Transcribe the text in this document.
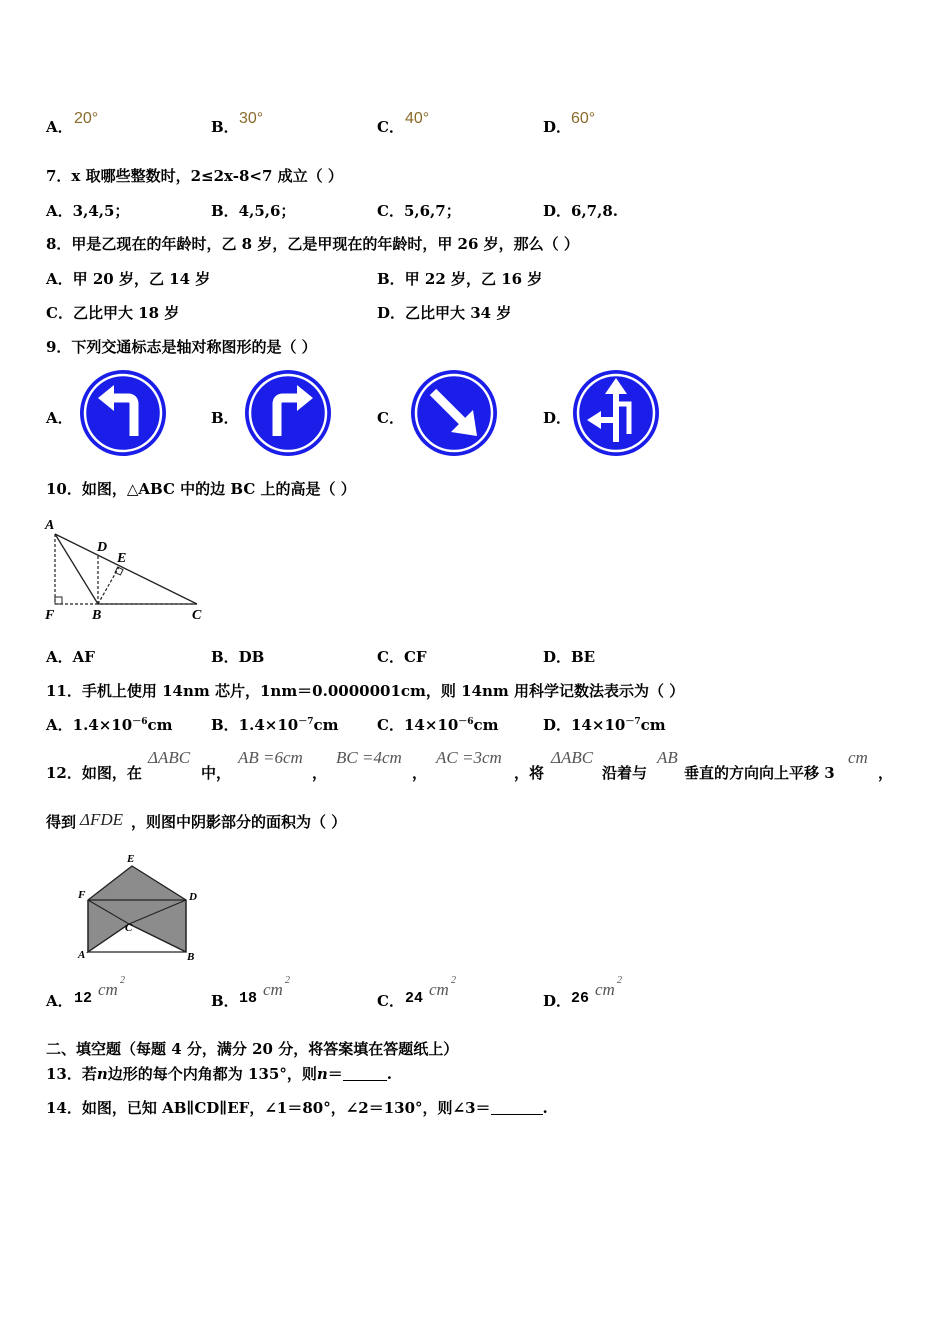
A． 20°	B． 30°	C． 40°	D． 60°
7．x 取哪些整数时，2≤2x-8<7 成立（ ）
A．3,4,5；	B．4,5,6；	C．5,6,7；	D．6,7,8.
8．甲是乙现在的年龄时，乙 8 岁，乙是甲现在的年龄时，甲 26 岁，那么（ ）
A．甲 20 岁，乙 14 岁	B．甲 22 岁，乙 16 岁
C．乙比甲大 18 岁	D．乙比甲大 34 岁
9．下列交通标志是轴对称图形的是（ ）
A．	B．	C．	D．
10．如图，△ABC 中的边 BC 上的高是（ ）
A
D
E
F	B	C
A．AF	B．DB	C．CF	D．BE
11．手机上使用 14nm 芯片，1nm＝0.0000001cm，则 14nm 用科学记数法表示为（ ）
A．$1.4\times 10^{-6}cm$	B．$1.4\times 10^{-7}cm$	C．$14\times 10^{-6}cm$	D．$14\times 10^{-7}cm$
12．如图，在
ΔABC
中，
AB =6cm
，
BC =4cm
，
AC =3cm
，将
ΔABC
沿着与
AB
垂直的方向向上平移 3
cm
，
得到 ΔFDE ，则图中阴影部分的面积为（ ）
E
F	D
C
A	B
A． 12 cm 2
B． 18 cm 2
C． 24 cm 2
D． 26 cm 2
二、填空题（每题 4 分，满分 20 分，将答案填在答题纸上）
13．若n边形的每个内角都为 135°，则n＝	.
14．如图，已知 AB∥CD∥EF，∠1＝80°，∠2＝130°，则∠3＝	.
